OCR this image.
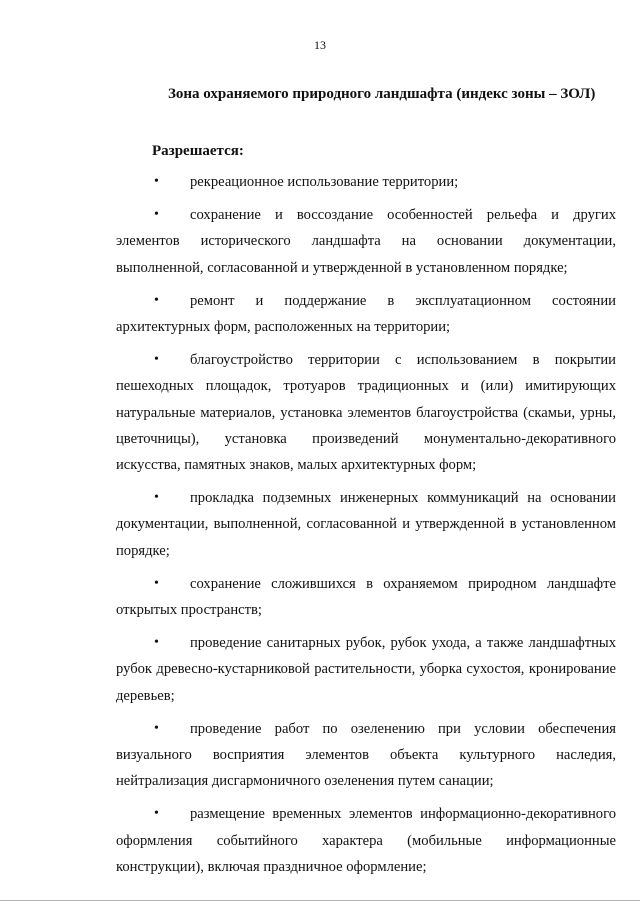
13
Зона охраняемого природного ландшафта (индекс зоны – ЗОЛ)
Разрешается:
• рекреационное использование территории;
• сохранение и воссоздание особенностей рельефа и других элементов исторического ландшафта на основании документации, выполненной, согласованной и утвержденной в установленном порядке;
• ремонт и поддержание в эксплуатационном состоянии архитектурных форм, расположенных на территории;
• благоустройство территории с использованием в покрытии пешеходных площадок, тротуаров традиционных и (или) имитирующих натуральные материалов, установка элементов благоустройства (скамьи, урны, цветочницы), установка произведений монументально-декоративного искусства, памятных знаков, малых архитектурных форм;
• прокладка подземных инженерных коммуникаций на основании документации, выполненной, согласованной и утвержденной в установленном порядке;
• сохранение сложившихся в охраняемом природном ландшафте открытых пространств;
• проведение санитарных рубок, рубок ухода, а также ландшафтных рубок древесно-кустарниковой растительности, уборка сухостоя, кронирование деревьев;
• проведение работ по озеленению при условии обеспечения визуального восприятия элементов объекта культурного наследия, нейтрализация дисгармоничного озеленения путем санации;
• размещение временных элементов информационно-декоративного оформления событийного характера (мобильные информационные конструкции), включая праздничное оформление;
